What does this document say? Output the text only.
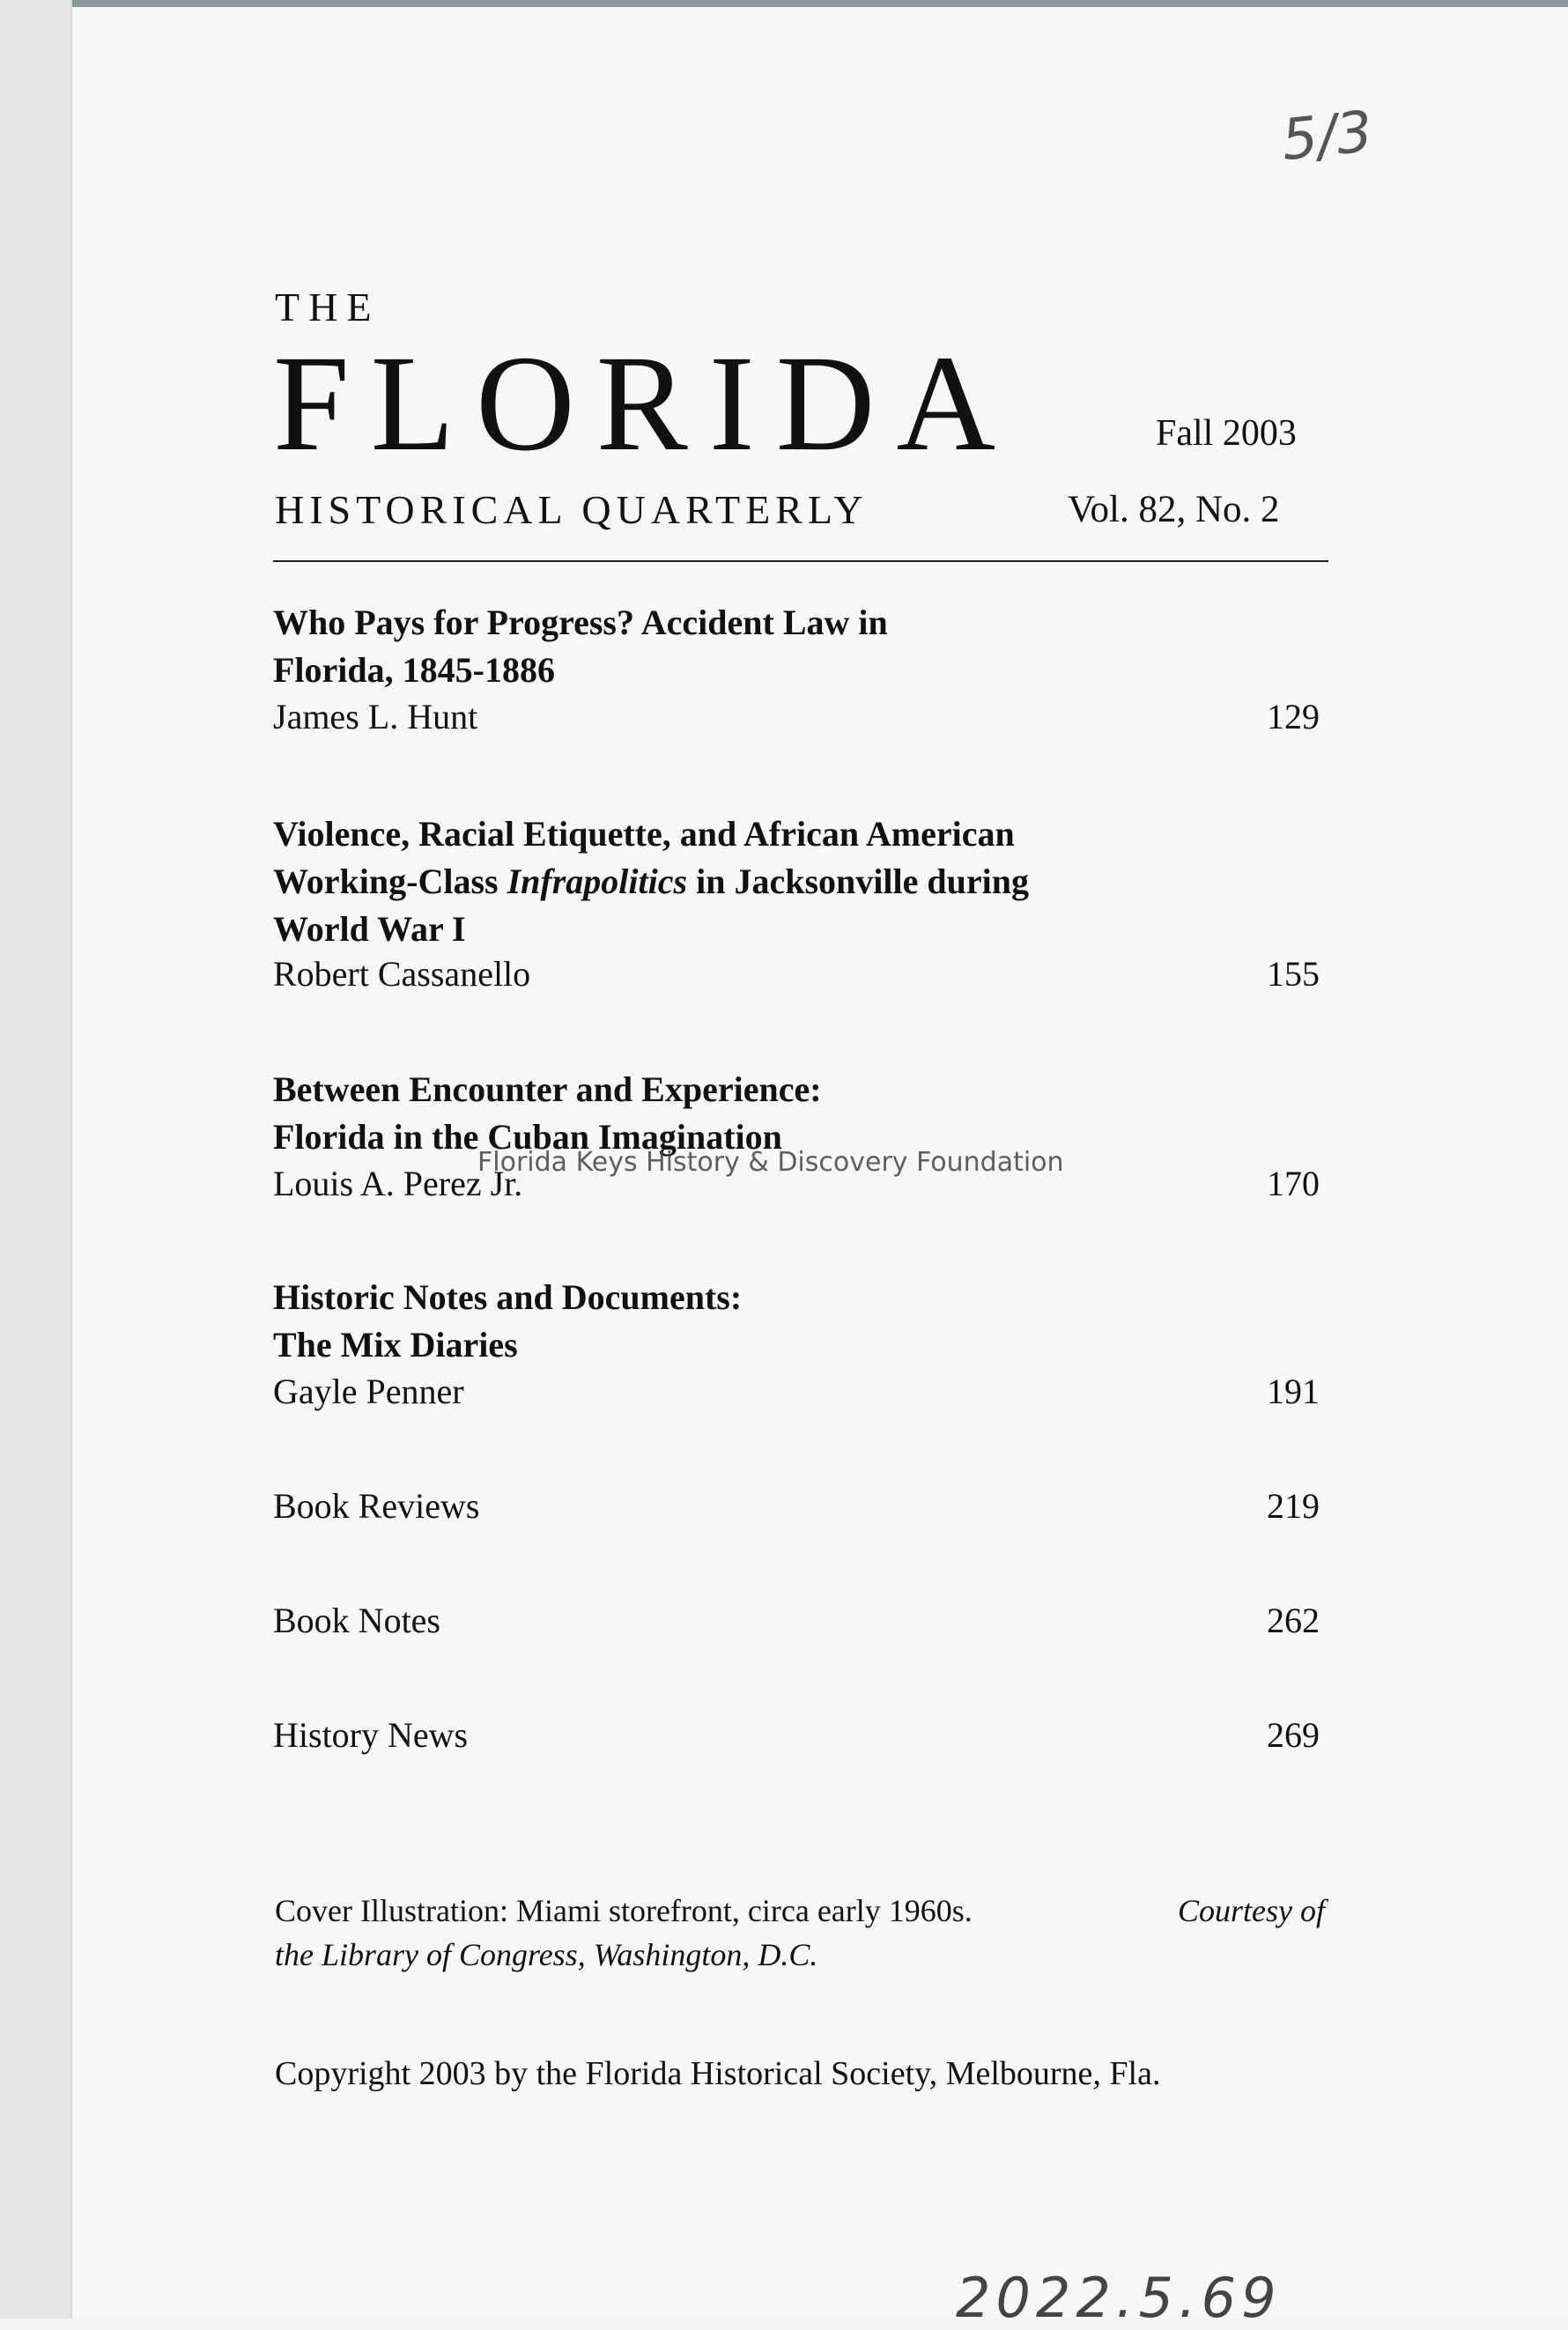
5/3
2022.5.69
THE
FLORIDA	Fall 2003
HISTORICAL QUARTERLY	Vol. 82, No. 2
Who Pays for Progress? Accident Law in
Florida, 1845-1886
James L. Hunt	129
Violence, Racial Etiquette, and African American
Working-Class Infrapolitics in Jacksonville during
World War I
Robert Cassanello	155
Between Encounter and Experience:
Florida in the Cuban Imagination
Louis A. Perez Jr.	170
Historic Notes and Documents:
The Mix Diaries
Gayle Penner	191
Book Reviews	219
Book Notes	262
History News	269
Cover Illustration: Miami storefront, circa early 1960s.	Courtesy of
the Library of Congress, Washington, D.C.
Copyright 2003 by the Florida Historical Society, Melbourne, Fla.
Florida Keys History & Discovery Foundation
